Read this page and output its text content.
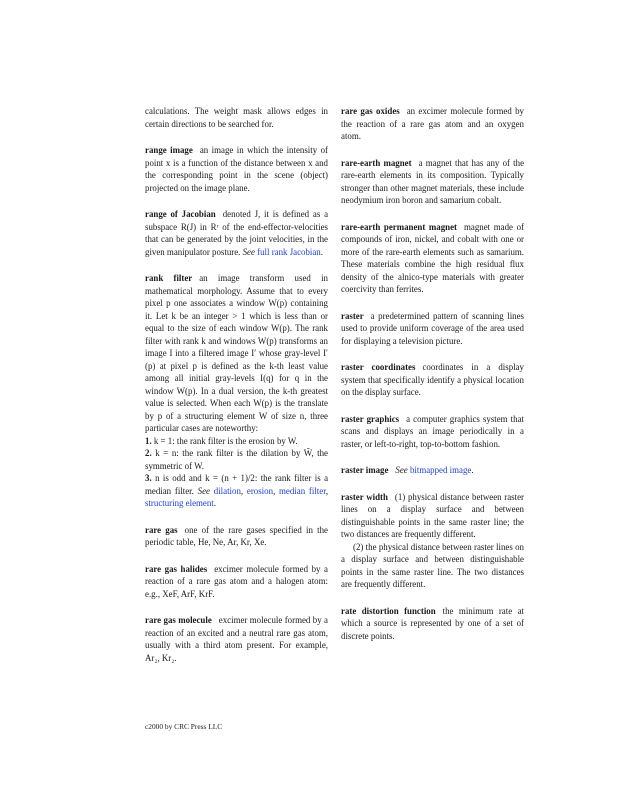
calculations. The weight mask allows edges in certain directions to be searched for.

range image an image in which the intensity of point x is a function of the distance between x and the corresponding point in the scene (object) projected on the image plane.
range of Jacobian denoted J, it is defined as a subspace R(J) in Rʳ of the end-effector-velocities that can be generated by the joint velocities, in the given manipulator posture. See full rank Jacobian.

rank filter an image transform used in mathematical morphology. Assume that to every pixel p one associates a window W(p) containing it. Let k be an integer > 1 which is less than or equal to the size of each window W(p). The rank filter with rank k and windows W(p) transforms an image I into a filtered image I′ whose gray-level I′(p) at pixel p is defined as the k-th least value among all initial gray-levels I(q) for q in the window W(p). In a dual version, the k-th greatest value is selected. When each W(p) is the translate by p of a structuring element W of size n, three particular cases are noteworthy:

1. k = 1: the rank filter is the erosion by W.

2. k = n: the rank filter is the dilation by W̃, the symmetric of W.

3. n is odd and k = (n + 1)/2: the rank filter is a median filter. See dilation, erosion, median filter, structuring element.

rare gas one of the rare gases specified in the periodic table, He, Ne, Ar, Kr, Xe.
rare gas halides excimer molecule formed by a reaction of a rare gas atom and a halogen atom: e.g., XeF, ArF, KrF.
rare gas molecule excimer molecule formed by a reaction of an excited and a neutral rare gas atom, usually with a third atom present. For example, Ar₂, Kr₂.
rare gas oxides an excimer molecule formed by the reaction of a rare gas atom and an oxygen atom.
rare-earth magnet a magnet that has any of the rare-earth elements in its composition. Typically stronger than other magnet materials, these include neodymium iron boron and samarium cobalt.
rare-earth permanent magnet magnet made of compounds of iron, nickel, and cobalt with one or more of the rare-earth elements such as samarium. These materials combine the high residual flux density of the alnico-type materials with greater coercivity than ferrites.
raster a predetermined pattern of scanning lines used to provide uniform coverage of the area used for displaying a television picture.
raster coordinates coordinates in a display system that specifically identify a physical location on the display surface.
raster graphics a computer graphics system that scans and displays an image periodically in a raster, or left-to-right, top-to-bottom fashion.
raster image See bitmapped image.

raster width (1) physical distance between raster lines on a display surface and between distinguishable points in the same raster line; the two distances are frequently different.

(2) the physical distance between raster lines on a display surface and between distinguishable points in the same raster line. The two distances are frequently different.

rate distortion function the minimum rate at which a source is represented by one of a set of discrete points.
c2000 by CRC Press LLC
